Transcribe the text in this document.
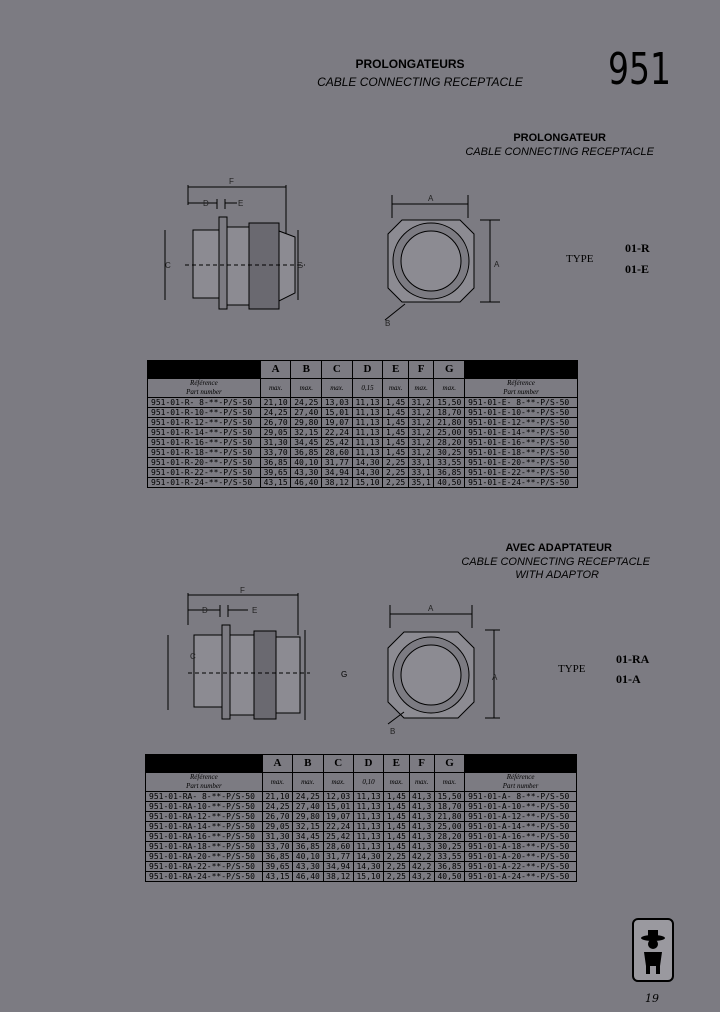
PROLONGATEURS
CABLE CONNECTING RECEPTACLE	951
PROLONGATEUR
CABLE CONNECTING RECEPTACLE
F
D	E
C	G
A
A
B
TYPE
01-R
01-E
	A	B	C	D	E	F	G	
Référence
Part number	max.	max.	max.	0,15	max.	max.	max.	Référence
Part number

951-01-R- 8-**-P/S-50	21,10	24,25	13,03	11,13	1,45	31,2	15,50	951-01-E- 8-**-P/S-50
951-01-R-10-**-P/S-50	24,25	27,40	15,01	11,13	1,45	31,2	18,70	951-01-E-10-**-P/S-50
951-01-R-12-**-P/S-50	26,70	29,80	19,07	11,13	1,45	31,2	21,80	951-01-E-12-**-P/S-50
951-01-R-14-**-P/S-50	29,05	32,15	22,24	11,13	1,45	31,2	25,00	951-01-E-14-**-P/S-50
951-01-R-16-**-P/S-50	31,30	34,45	25,42	11,13	1,45	31,2	28,20	951-01-E-16-**-P/S-50
951-01-R-18-**-P/S-50	33,70	36,85	28,60	11,13	1,45	31,2	30,25	951-01-E-18-**-P/S-50
951-01-R-20-**-P/S-50	36,85	40,10	31,77	14,30	2,25	33,1	33,55	951-01-E-20-**-P/S-50
951-01-R-22-**-P/S-50	39,65	43,30	34,94	14,30	2,25	33,1	36,85	951-01-E-22-**-P/S-50
951-01-R-24-**-P/S-50	43,15	46,40	38,12	15,10	2,25	35,1	40,50	951-01-E-24-**-P/S-50
AVEC ADAPTATEUR
CABLE CONNECTING RECEPTACLE
WITH ADAPTOR
F
D	E
C
G
A
A
B
TYPE
01-RA
01-A
	A	B	C	D	E	F	G	
Référence
Part number	max.	max.	max.	0,10	max.	max.	max.	Référence
Part number

951-01-RA- 8-**-P/S-50	21,10	24,25	12,03	11,13	1,45	41,3	15,50	951-01-A- 8-**-P/S-50
951-01-RA-10-**-P/S-50	24,25	27,40	15,01	11,13	1,45	41,3	18,70	951-01-A-10-**-P/S-50
951-01-RA-12-**-P/S-50	26,70	29,80	19,07	11,13	1,45	41,3	21,80	951-01-A-12-**-P/S-50
951-01-RA-14-**-P/S-50	29,05	32,15	22,24	11,13	1,45	41,3	25,00	951-01-A-14-**-P/S-50
951-01-RA-16-**-P/S-50	31,30	34,45	25,42	11,13	1,45	41,3	28,20	951-01-A-16-**-P/S-50
951-01-RA-18-**-P/S-50	33,70	36,85	28,60	11,13	1,45	41,3	30,25	951-01-A-18-**-P/S-50
951-01-RA-20-**-P/S-50	36,85	40,10	31,77	14,30	2,25	42,2	33,55	951-01-A-20-**-P/S-50
951-01-RA-22-**-P/S-50	39,65	43,30	34,94	14,30	2,25	42,2	36,85	951-01-A-22-**-P/S-50
951-01-RA-24-**-P/S-50	43,15	46,40	38,12	15,10	2,25	43,2	40,50	951-01-A-24-**-P/S-50
19
